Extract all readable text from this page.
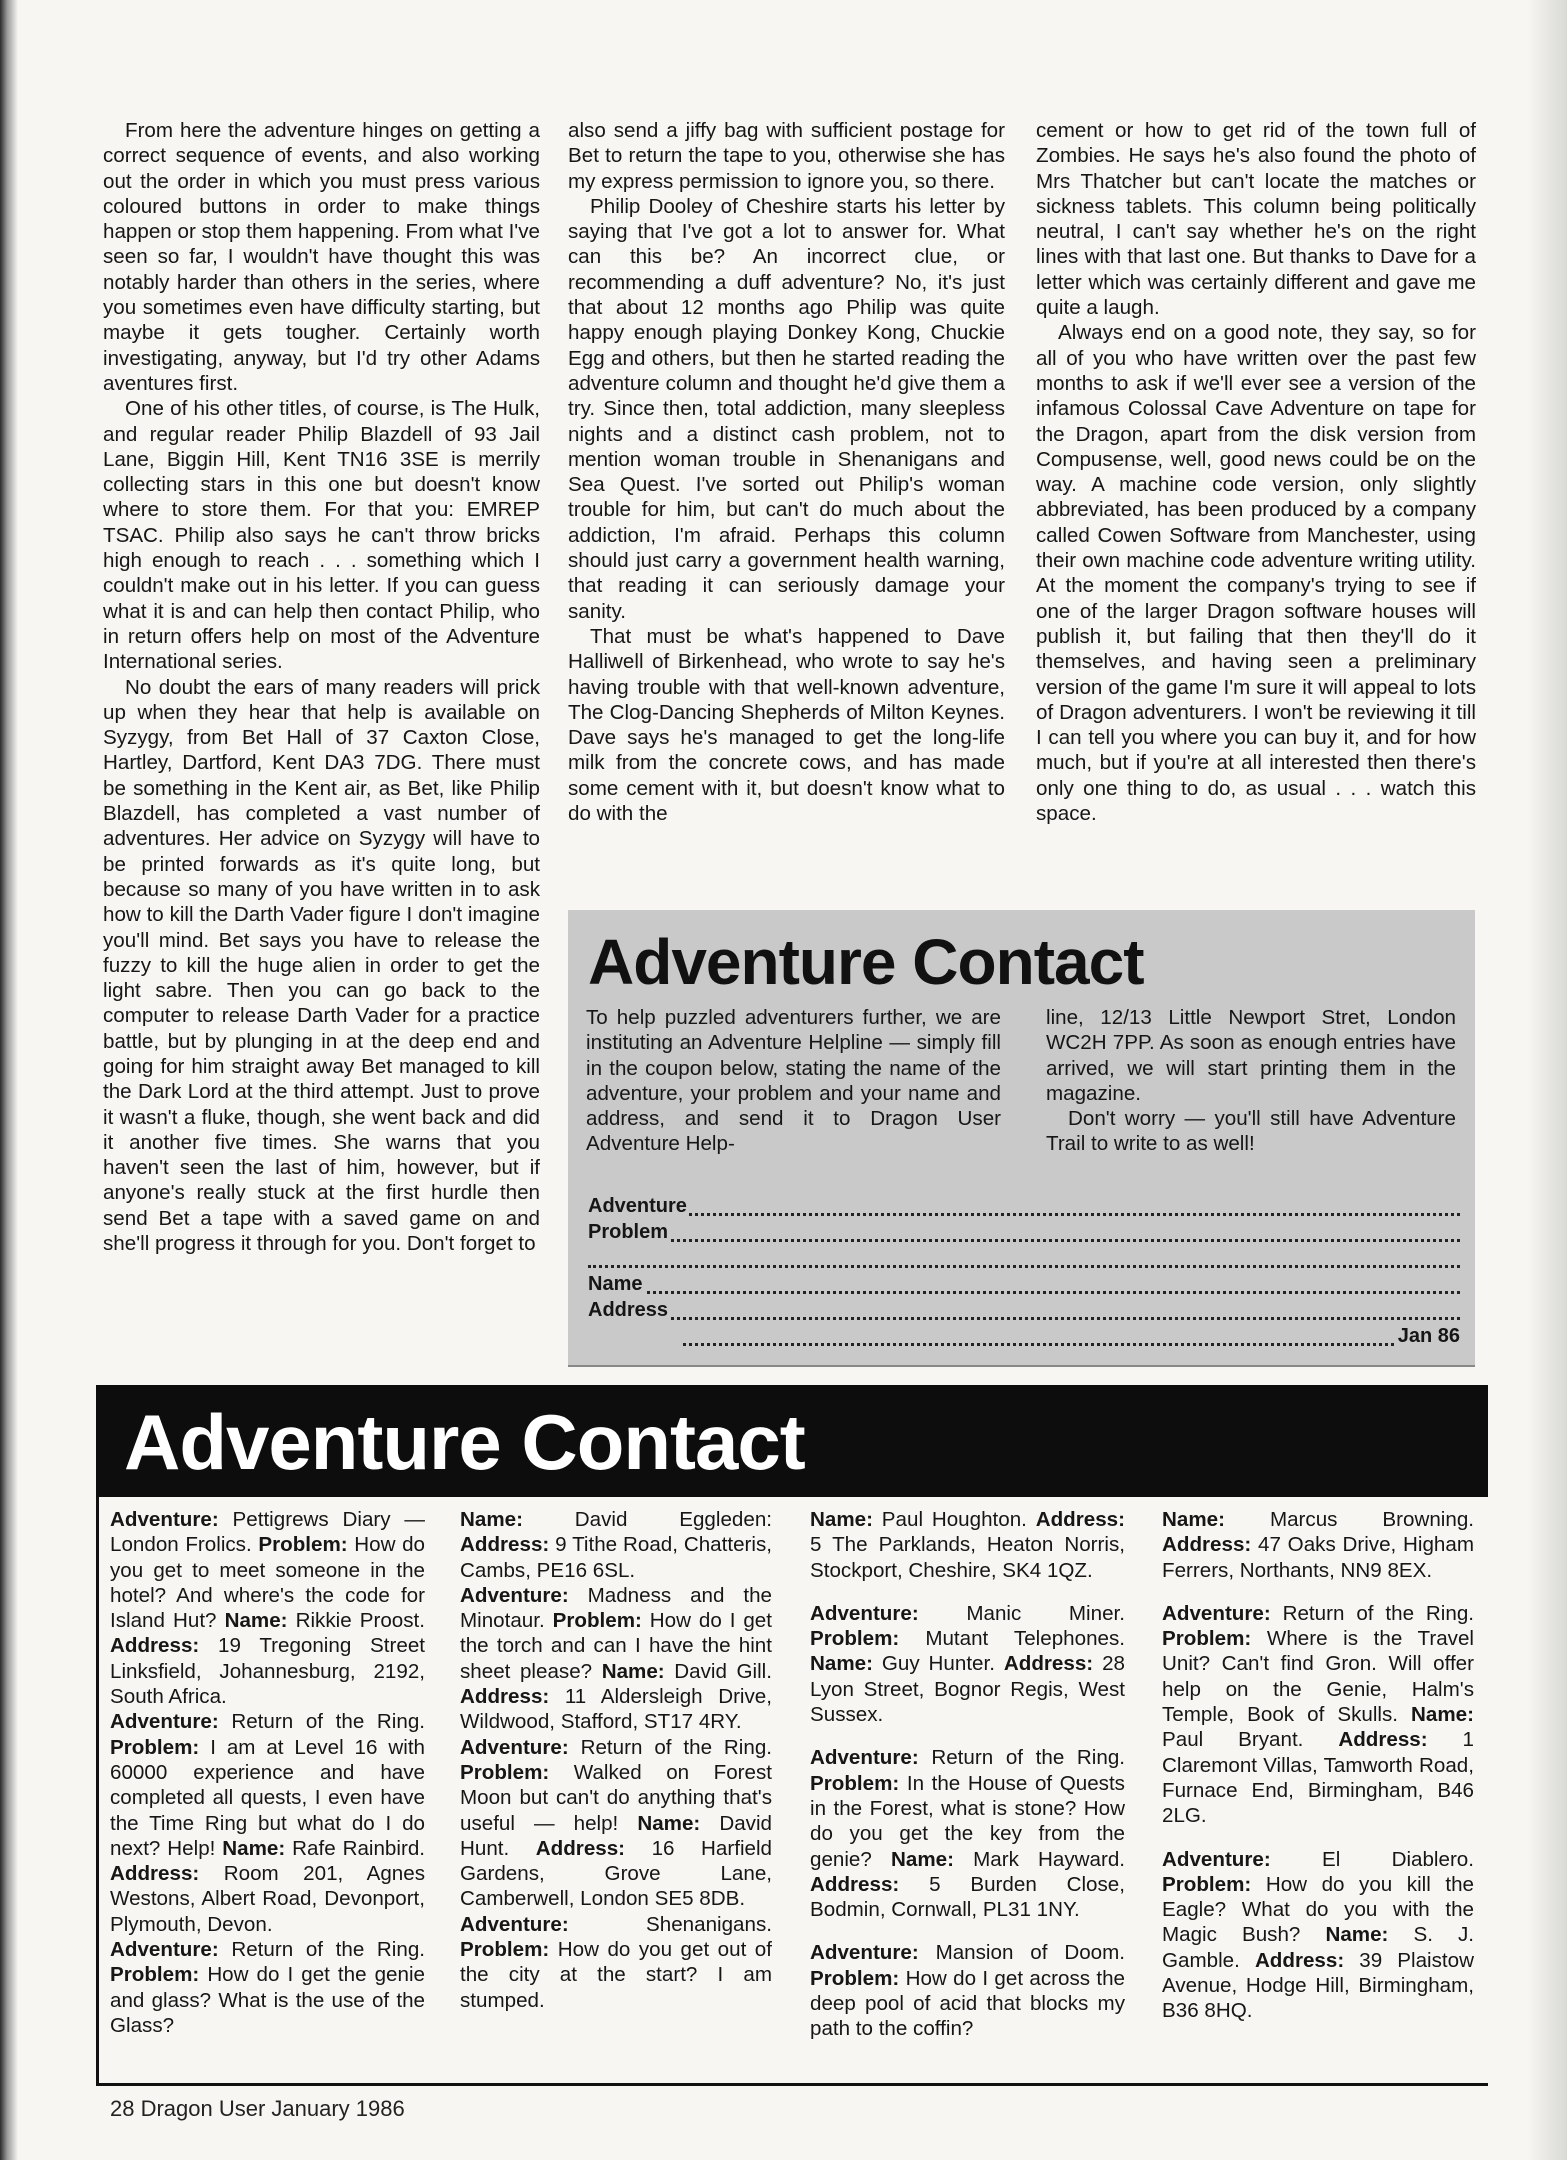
From here the adventure hinges on getting a correct sequence of events, and also working out the order in which you must press various coloured buttons in order to make things happen or stop them happening. From what I've seen so far, I wouldn't have thought this was notably harder than others in the series, where you sometimes even have difficulty starting, but maybe it gets tougher. Certainly worth investigating, anyway, but I'd try other Adams aventures first.

One of his other titles, of course, is The Hulk, and regular reader Philip Blazdell of 93 Jail Lane, Biggin Hill, Kent TN16 3SE is merrily collecting stars in this one but doesn't know where to store them. For that you: EMREP TSAC. Philip also says he can't throw bricks high enough to reach . . . something which I couldn't make out in his letter. If you can guess what it is and can help then contact Philip, who in return offers help on most of the Adventure International series.

No doubt the ears of many readers will prick up when they hear that help is available on Syzygy, from Bet Hall of 37 Caxton Close, Hartley, Dartford, Kent DA3 7DG. There must be something in the Kent air, as Bet, like Philip Blazdell, has completed a vast number of adventures. Her advice on Syzygy will have to be printed forwards as it's quite long, but because so many of you have written in to ask how to kill the Darth Vader figure I don't imagine you'll mind. Bet says you have to release the fuzzy to kill the huge alien in order to get the light sabre. Then you can go back to the computer to release Darth Vader for a practice battle, but by plunging in at the deep end and going for him straight away Bet managed to kill the Dark Lord at the third attempt. Just to prove it wasn't a fluke, though, she went back and did it another five times. She warns that you haven't seen the last of him, however, but if anyone's really stuck at the first hurdle then send Bet a tape with a saved game on and she'll progress it through for you. Don't forget to

also send a jiffy bag with sufficient postage for Bet to return the tape to you, otherwise she has my express permission to ignore you, so there.

Philip Dooley of Cheshire starts his letter by saying that I've got a lot to answer for. What can this be? An incorrect clue, or recommending a duff adventure? No, it's just that about 12 months ago Philip was quite happy enough playing Donkey Kong, Chuckie Egg and others, but then he started reading the adventure column and thought he'd give them a try. Since then, total addiction, many sleepless nights and a distinct cash problem, not to mention woman trouble in Shenanigans and Sea Quest. I've sorted out Philip's woman trouble for him, but can't do much about the addiction, I'm afraid. Perhaps this column should just carry a government health warning, that reading it can seriously damage your sanity.

That must be what's happened to Dave Halliwell of Birkenhead, who wrote to say he's having trouble with that well-known adventure, The Clog-Dancing Shepherds of Milton Keynes. Dave says he's managed to get the long-life milk from the concrete cows, and has made some cement with it, but doesn't know what to do with the

cement or how to get rid of the town full of Zombies. He says he's also found the photo of Mrs Thatcher but can't locate the matches or sickness tablets. This column being politically neutral, I can't say whether he's on the right lines with that last one. But thanks to Dave for a letter which was certainly different and gave me quite a laugh.

Always end on a good note, they say, so for all of you who have written over the past few months to ask if we'll ever see a version of the infamous Colossal Cave Adventure on tape for the Dragon, apart from the disk version from Compusense, well, good news could be on the way. A machine code version, only slightly abbreviated, has been produced by a company called Cowen Software from Manchester, using their own machine code adventure writing utility. At the moment the company's trying to see if one of the larger Dragon software houses will publish it, but failing that then they'll do it themselves, and having seen a preliminary version of the game I'm sure it will appeal to lots of Dragon adventurers. I won't be reviewing it till I can tell you where you can buy it, and for how much, but if you're at all interested then there's only one thing to do, as usual . . . watch this space.

Adventure Contact

To help puzzled adventurers further, we are instituting an Adventure Helpline — simply fill in the coupon below, stating the name of the adventure, your problem and your name and address, and send it to Dragon User Adventure Help-

line, 12/13 Little Newport Stret, London WC2H 7PP. As soon as enough entries have arrived, we will start printing them in the magazine.

Don't worry — you'll still have Adventure Trail to write to as well!

Adventure
Problem
Name
Address
Jan 86
Adventure Contact

Adventure: Pettigrews Diary — London Frolics. Problem: How do you get to meet someone in the hotel? And where's the code for Island Hut? Name: Rikkie Proost. Address: 19 Tregoning Street Linksfield, Johannesburg, 2192, South Africa.

Adventure: Return of the Ring. Problem: I am at Level 16 with 60000 experience and have completed all quests, I even have the Time Ring but what do I do next? Help! Name: Rafe Rainbird. Address: Room 201, Agnes Westons, Albert Road, Devonport, Plymouth, Devon.

Adventure: Return of the Ring. Problem: How do I get the genie and glass? What is the use of the Glass?

Name:	David Eggleden: Address: 9 Tithe Road, Chatteris, Cambs, PE16 6SL.

Adventure: Madness and the Minotaur. Problem: How do I get the torch and can I have the hint sheet please? Name: David Gill. Address: 11 Aldersleigh Drive, Wildwood, Stafford, ST17 4RY.

Adventure: Return of the Ring. Problem: Walked on Forest Moon but can't do anything that's useful — help! Name: David Hunt. Address: 16 Harfield Gardens, Grove Lane, Camberwell, London SE5 8DB.

Adventure:	Shenanigans. Problem: How do you get out of the city at the start? I am stumped.

Name: Paul Houghton. Address: 5 The Parklands, Heaton Norris, Stockport, Cheshire, SK4 1QZ.

Adventure: Manic Miner. Problem: Mutant Telephones. Name: Guy Hunter. Address: 28 Lyon Street, Bognor Regis, West Sussex.

Adventure: Return of the Ring. Problem: In the House of Quests in the Forest, what is stone? How do you get the key from the genie? Name: Mark Hayward. Address: 5 Burden Close, Bodmin, Cornwall, PL31 1NY.

Adventure: Mansion of Doom. Problem: How do I get across the deep pool of acid that blocks my path to the coffin?

Name: Marcus Browning. Address: 47 Oaks Drive, Higham Ferrers, Northants, NN9 8EX.

Adventure: Return of the Ring. Problem: Where is the Travel Unit? Can't find Gron. Will offer help on the Genie, Halm's Temple, Book of Skulls. Name: Paul Bryant. Address: 1 Claremont Villas, Tamworth Road, Furnace End, Birmingham, B46 2LG.

Adventure: El Diablero. Problem: How do you kill the Eagle? What do you with the Magic Bush? Name: S. J. Gamble. Address: 39 Plaistow Avenue, Hodge Hill, Birmingham, B36 8HQ.

28 Dragon User January 1986
